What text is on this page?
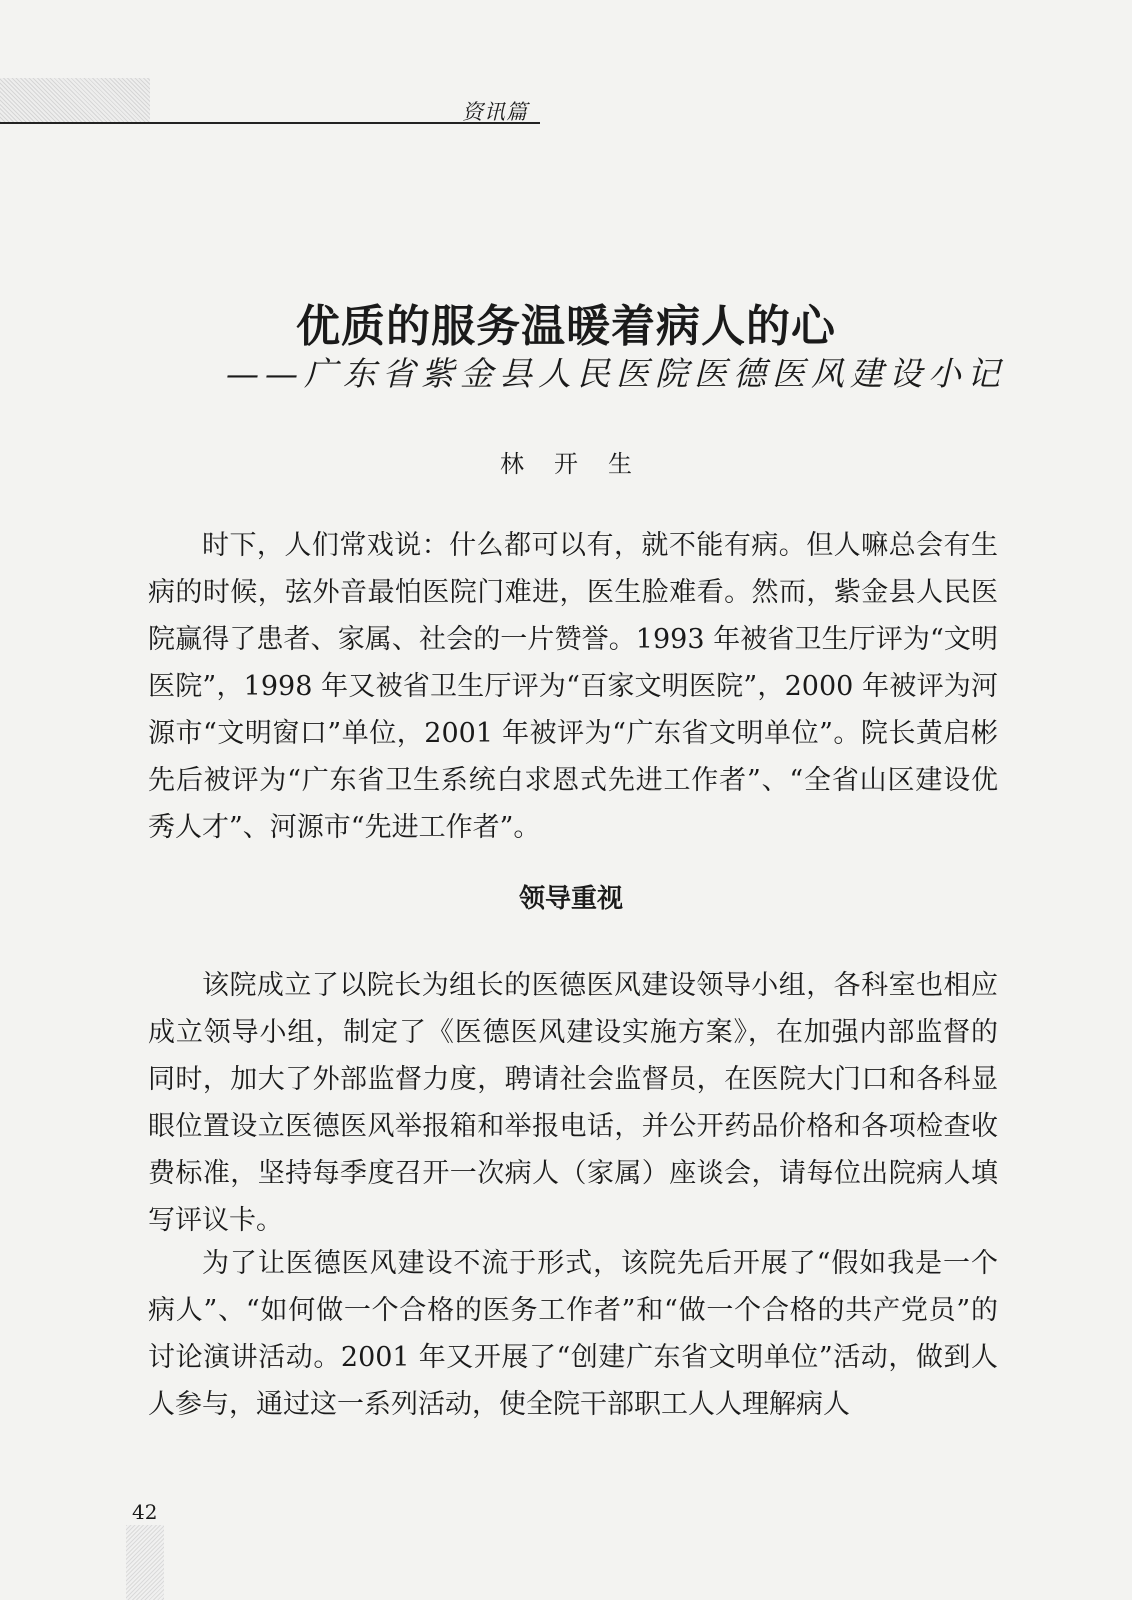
资讯篇
优质的服务温暖着病人的心
——广东省紫金县人民医院医德医风建设小记
林开生

时下，人们常戏说：什么都可以有，就不能有病。但人嘛总会有生病的时候，弦外音最怕医院门难进，医生脸难看。然而，紫金县人民医院赢得了患者、家属、社会的一片赞誉。1993 年被省卫生厅评为“文明医院”，1998 年又被省卫生厅评为“百家文明医院”，2000 年被评为河源市“文明窗口”单位，2001 年被评为“广东省文明单位”。院长黄启彬先后被评为“广东省卫生系统白求恩式先进工作者”、“全省山区建设优秀人才”、河源市“先进工作者”。

领导重视

该院成立了以院长为组长的医德医风建设领导小组，各科室也相应成立领导小组，制定了《医德医风建设实施方案》，在加强内部监督的同时，加大了外部监督力度，聘请社会监督员，在医院大门口和各科显眼位置设立医德医风举报箱和举报电话，并公开药品价格和各项检查收费标准，坚持每季度召开一次病人（家属）座谈会，请每位出院病人填写评议卡。

为了让医德医风建设不流于形式，该院先后开展了“假如我是一个病人”、“如何做一个合格的医务工作者”和“做一个合格的共产党员”的讨论演讲活动。2001 年又开展了“创建广东省文明单位”活动，做到人人参与，通过这一系列活动，使全院干部职工人人理解病人

42
